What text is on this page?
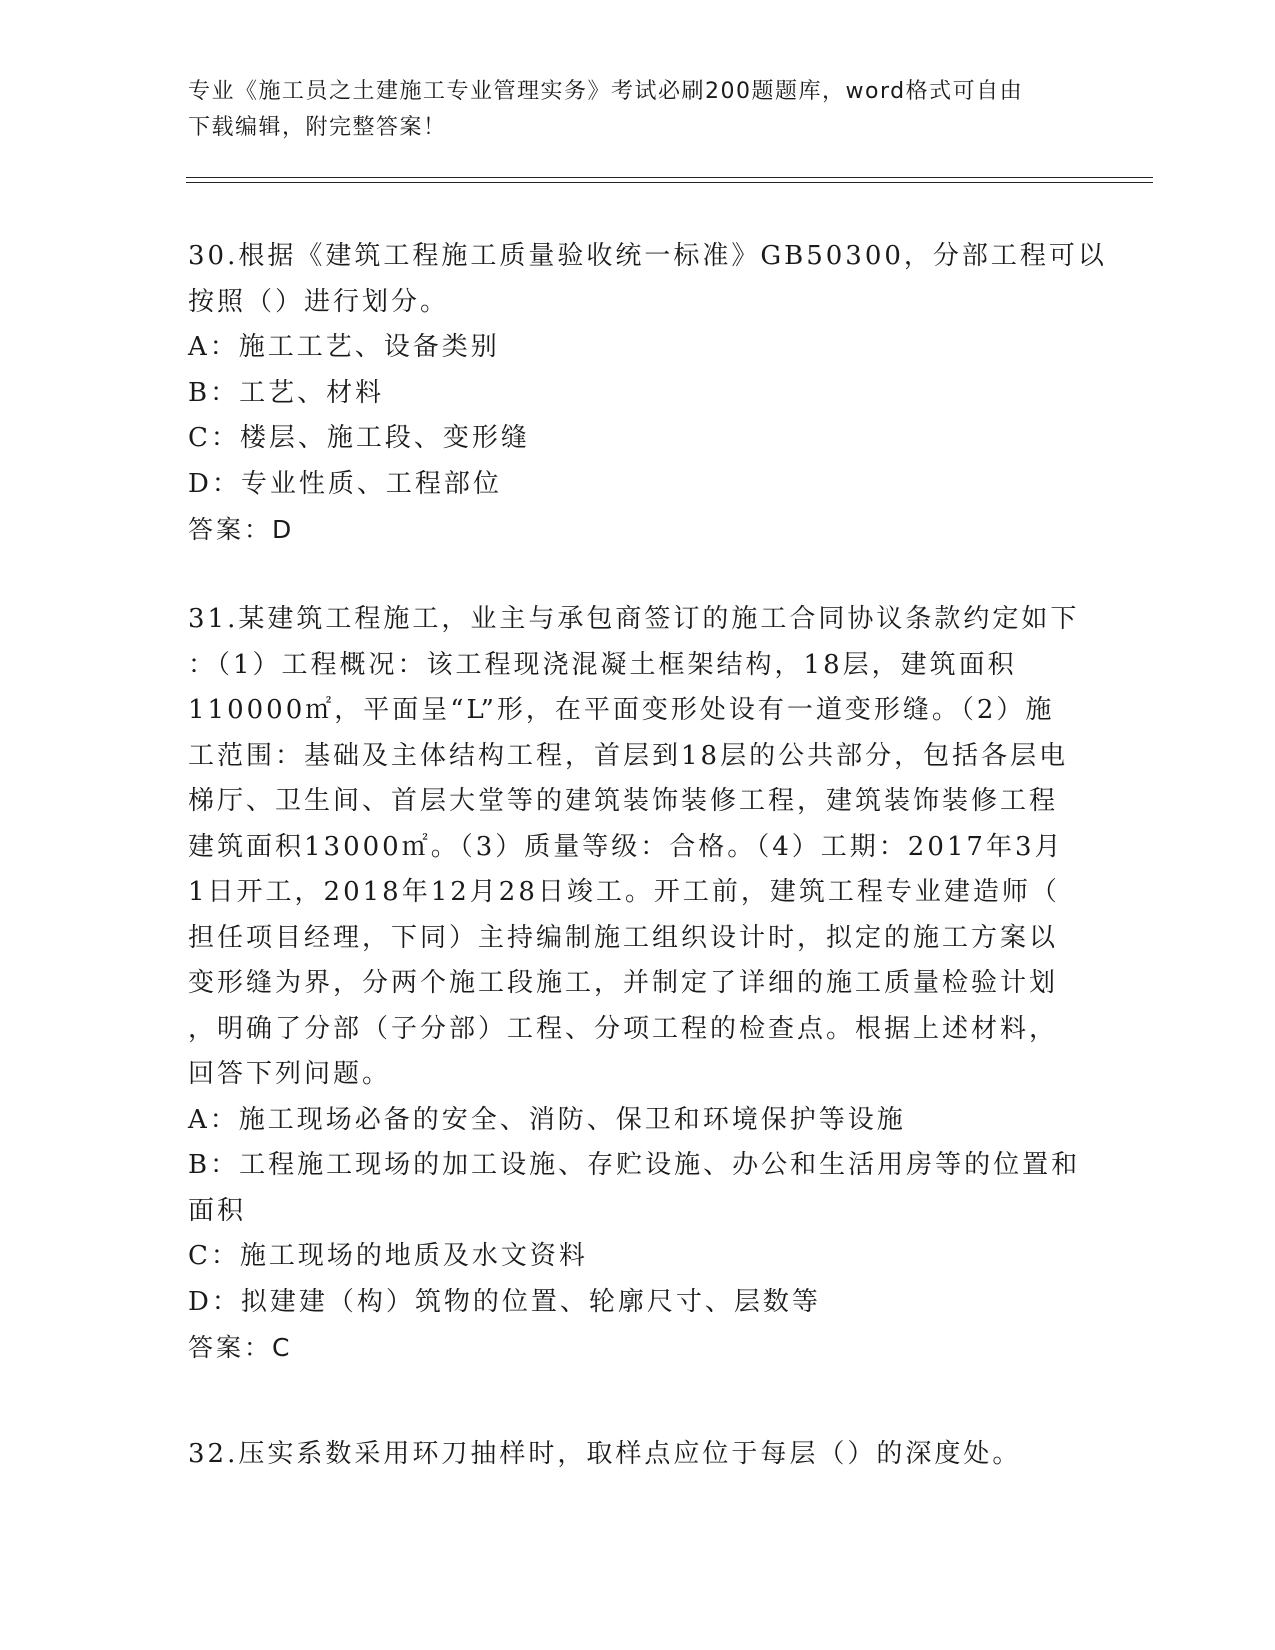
专业《施工员之土建施工专业管理实务》考试必刷200题题库，word格式可自由
下载编辑，附完整答案！
30.根据《建筑工程施工质量验收统一标准》GB50300，分部工程可以
按照（）进行划分。
A：施工工艺、设备类别
B：工艺、材料
C：楼层、施工段、变形缝
D：专业性质、工程部位
答案：D
31.某建筑工程施工，业主与承包商签订的施工合同协议条款约定如下
：（1）工程概况：该工程现浇混凝土框架结构，18层，建筑面积
110000㎡，平面呈“L”形，在平面变形处设有一道变形缝。（2）施
工范围：基础及主体结构工程，首层到18层的公共部分，包括各层电
梯厅、卫生间、首层大堂等的建筑装饰装修工程，建筑装饰装修工程
建筑面积13000㎡。（3）质量等级：合格。（4）工期：2017年3月
1日开工，2018年12月28日竣工。开工前，建筑工程专业建造师（
担任项目经理，下同）主持编制施工组织设计时，拟定的施工方案以
变形缝为界，分两个施工段施工，并制定了详细的施工质量检验计划
，明确了分部（子分部）工程、分项工程的检查点。根据上述材料，
回答下列问题。
A：施工现场必备的安全、消防、保卫和环境保护等设施
B：工程施工现场的加工设施、存贮设施、办公和生活用房等的位置和
面积
C：施工现场的地质及水文资料
D：拟建建（构）筑物的位置、轮廓尺寸、层数等
答案：C
32.压实系数采用环刀抽样时，取样点应位于每层（）的深度处。
